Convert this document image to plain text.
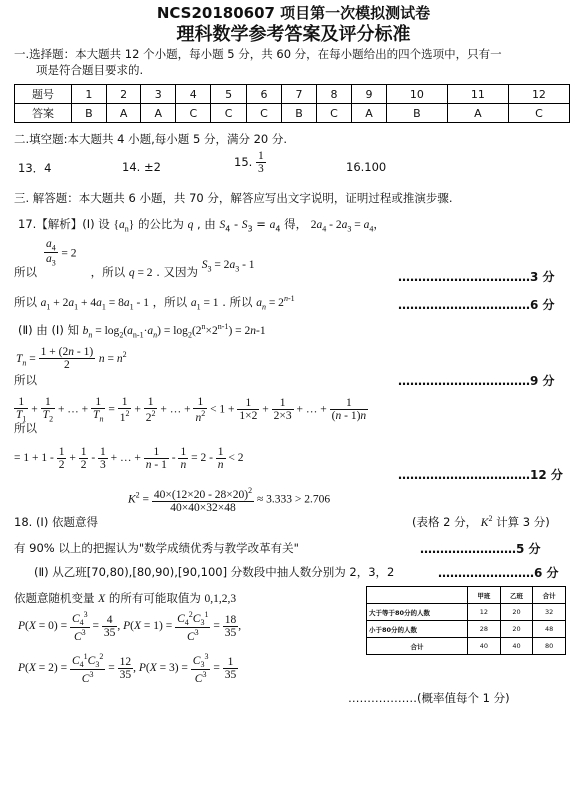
NCS20180607 项目第一次模拟测试卷
理科数学参考答案及评分标准
一.选择题：本大题共 12 个小题，每小题 5 分，共 60 分，在每小题给出的四个选项中，只有一
项是符合题目要求的.
题号	1	2	3	4	5	6	7	8	9	10	11	12
答案	B	A	A	C	C	C	B	C	A	B	A	C
二.填空题:本大题共 4 小题,每小题 5 分，满分 20 分.
13．4	14. ±2	15. $\frac{1}{3}$	16.100
三. 解答题：本大题共 6 小题，共 70 分，解答应写出文字说明，证明过程或推演步骤.
17.【解析】(Ⅰ) 设 $\{a_n\}$ 的公比为 q , 由 $S_4 - S_3 = a_4$ 得， $2a_4 - 2a_3 = a_4$，
$\frac{a_4}{a_3} = 2$
所以	，所以 q = 2 . 又因为 $S_3 = 2a_3 - 1$
……………………………3 分
所以 $a_1 + 2a_1 + 4a_1 = 8a_1 - 1$ ，所以 $a_1 = 1$ . 所以 $a_n = 2^{n-1}$	……………………………6 分
(Ⅱ) 由 (Ⅰ) 知 $b_n = \log_2(a_{n-1}\cdot a_n) = \log_2(2^n\times 2^{n-1}) = 2n-1$
$T_n = \frac{1 + (2n - 1)}{2}$ $n = n^2$
所以	……………………………9 分
$\frac{1}{T_1} + \frac{1}{T_2}$ + … + $\frac{1}{T_n} = \frac{1}{1^2} + \frac{1}{2^2}$ + … + $\frac{1}{n^2} < 1 + \frac{1}{1\times 2} + \frac{1}{2\times 3}$ + … + $\frac{1}{(n - 1)n}$
所以
= $1 + 1 - \frac{1}{2} + \frac{1}{2} - \frac{1}{3}$ + … + $\frac{1}{n - 1} - \frac{1}{n} = 2 - \frac{1}{n} < 2$
……………………………12 分
18. (Ⅰ) 依题意得
$K^2 = \frac{40\times(12\times 20 - 28\times 20)^2}{40\times 40\times 32\times 48} \approx 3.333 > 2.706$
(表格 2 分， $K^2$ 计算 3 分)
有 90% 以上的把握认为"数学成绩优秀与教学改革有关"	……………………5 分
(Ⅱ) 从乙班[70,80),[80,90),[90,100] 分数段中抽人数分别为 2，3，2	……………………6 分
依题意随机变量 X 的所有可能取值为 0,1,2,3
$P(X = 0) = \frac{C_4^3}{C^3} = \frac{4}{35}$ , $P(X = 1) = \frac{C_4^2C_3^1}{C^3} = \frac{18}{35}$ ,
$P(X = 2) = \frac{C_4^1C_3^2}{C^3} = \frac{12}{35}$ , $P(X = 3) = \frac{C_3^3}{C^3} = \frac{1}{35}$
………………(概率值每个 1 分)
	甲班	乙班	合计
大于等于80分的人数	12	20	32
小于80分的人数	28	20	48
合计	40	40	80
